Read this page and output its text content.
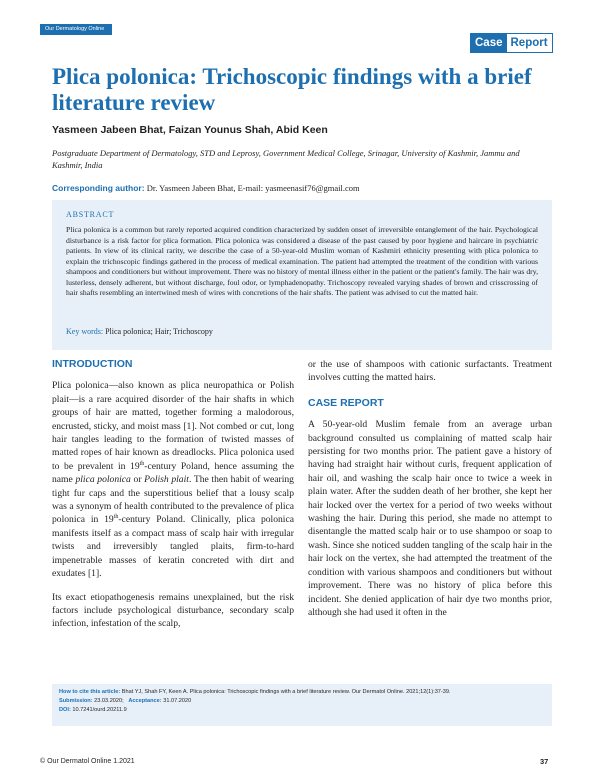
Our Dermatology Online
Case Report
Plica polonica: Trichoscopic findings with a brief literature review
Yasmeen Jabeen Bhat, Faizan Younus Shah, Abid Keen
Postgraduate Department of Dermatology, STD and Leprosy, Government Medical College, Srinagar, University of Kashmir, Jammu and Kashmir, India
Corresponding author: Dr. Yasmeen Jabeen Bhat, E-mail: yasmeenasif76@gmail.com
ABSTRACT

Plica polonica is a common but rarely reported acquired condition characterized by sudden onset of irreversible entanglement of the hair. Psychological disturbance is a risk factor for plica formation. Plica polonica was considered a disease of the past caused by poor hygiene and haircare in psychiatric patients. In view of its clinical rarity, we describe the case of a 50-year-old Muslim woman of Kashmiri ethnicity presenting with plica polonica to explain the trichoscopic findings gathered in the process of medical examination. The patient had attempted the treatment of the condition with various shampoos and conditioners but without improvement. There was no history of mental illness either in the patient or the patient's family. The hair was dry, lusterless, densely adherent, but without discharge, foul odor, or lymphadenopathy. Trichoscopy revealed varying shades of brown and crisscrossing of hair shafts resembling an intertwined mesh of wires with concretions of the hair shafts. The patient was advised to cut the matted hair.

Key words: Plica polonica; Hair; Trichoscopy
INTRODUCTION

Plica polonica—also known as plica neuropathica or Polish plait—is a rare acquired disorder of the hair shafts in which groups of hair are matted, together forming a malodorous, encrusted, sticky, and moist mass [1]. Not combed or cut, long hair tangles leading to the formation of twisted masses of matted ropes of hair known as dreadlocks. Plica polonica used to be prevalent in 19th-century Poland, hence assuming the name plica polonica or Polish plait. The then habit of wearing tight fur caps and the superstitious belief that a lousy scalp was a synonym of health contributed to the prevalence of plica polonica in 19th-century Poland. Clinically, plica polonica manifests itself as a compact mass of scalp hair with irregular twists and irreversibly tangled plaits, firm-to-hard impenetrable masses of keratin concreted with dirt and exudates [1].

Its exact etiopathogenesis remains unexplained, but the risk factors include psychological disturbance, secondary scalp infection, infestation of the scalp,

or the use of shampoos with cationic surfactants. Treatment involves cutting the matted hairs.

CASE REPORT

A 50-year-old Muslim female from an average urban background consulted us complaining of matted scalp hair persisting for two months prior. The patient gave a history of having had straight hair without curls, frequent application of hair oil, and washing the scalp hair once to twice a week in plain water. After the sudden death of her brother, she kept her hair locked over the vertex for a period of two weeks without washing the hair. During this period, she made no attempt to disentangle the matted scalp hair or to use shampoo or soap to wash. Since she noticed sudden tangling of the scalp hair in the hair lock on the vertex, she had attempted the treatment of the condition with various shampoos and conditioners but without improvement. There was no history of plica before this incident. She denied application of hair dye two months prior, although she had used it often in the

How to cite this article: Bhat YJ, Shah FY, Keen A. Plica polonica: Trichoscopic findings with a brief literature review. Our Dermatol Online. 2021;12(1):37-39.
Submission: 23.03.2020; Acceptance: 31.07.2020
DOI: 10.7241/ourd.20211.9
© Our Dermatol Online 1.2021	37
